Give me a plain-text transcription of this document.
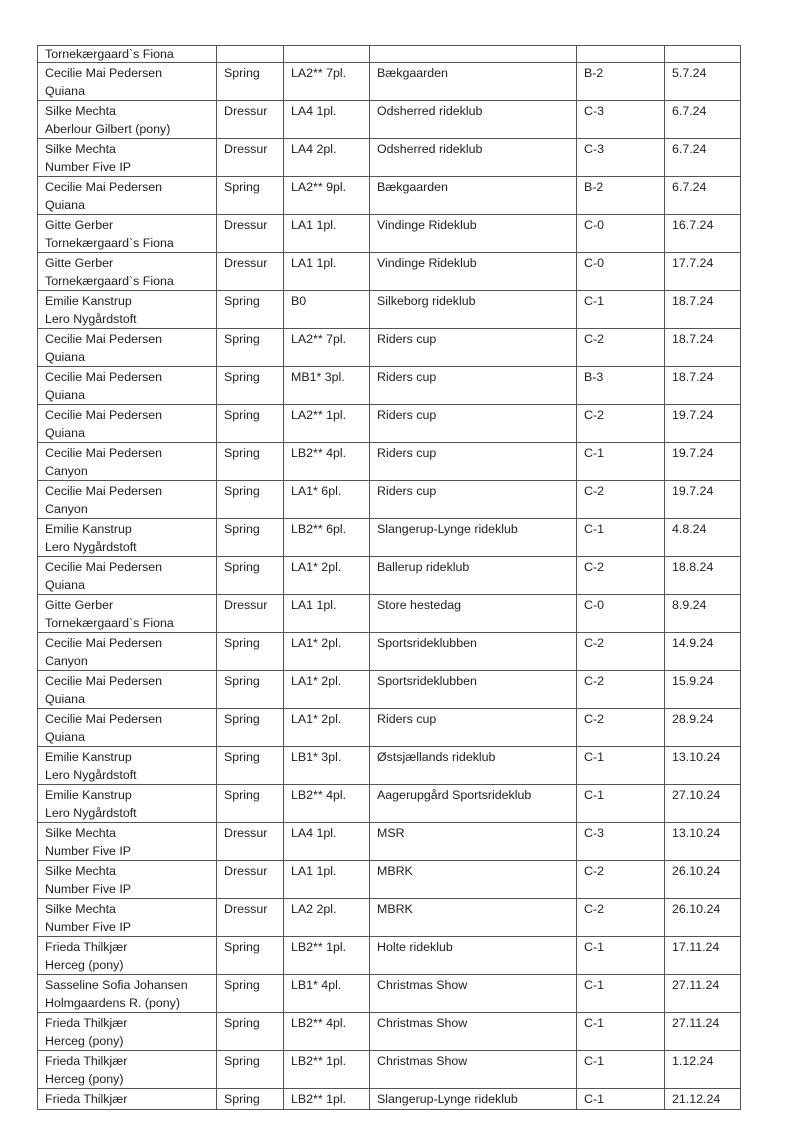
Tornekærgaard`s Fiona					

Cecilie Mai Pedersen
Quiana	Spring	LA2** 7pl.	Bækgaarden	B-2	5.7.24

Silke Mechta
Aberlour Gilbert (pony)	Dressur	LA4 1pl.	Odsherred rideklub	C-3	6.7.24

Silke Mechta
Number Five IP	Dressur	LA4 2pl.	Odsherred rideklub	C-3	6.7.24

Cecilie Mai Pedersen
Quiana	Spring	LA2** 9pl.	Bækgaarden	B-2	6.7.24

Gitte Gerber
Tornekærgaard`s Fiona	Dressur	LA1 1pl.	Vindinge Rideklub	C-0	16.7.24

Gitte Gerber
Tornekærgaard`s Fiona	Dressur	LA1 1pl.	Vindinge Rideklub	C-0	17.7.24

Emilie Kanstrup
Lero Nygårdstoft	Spring	B0	Silkeborg rideklub	C-1	18.7.24

Cecilie Mai Pedersen
Quiana	Spring	LA2** 7pl.	Riders cup	C-2	18.7.24

Cecilie Mai Pedersen
Quiana	Spring	MB1* 3pl.	Riders cup	B-3	18.7.24

Cecilie Mai Pedersen
Quiana	Spring	LA2** 1pl.	Riders cup	C-2	19.7.24

Cecilie Mai Pedersen
Canyon	Spring	LB2** 4pl.	Riders cup	C-1	19.7.24

Cecilie Mai Pedersen
Canyon	Spring	LA1* 6pl.	Riders cup	C-2	19.7.24

Emilie Kanstrup
Lero Nygårdstoft	Spring	LB2** 6pl.	Slangerup-Lynge rideklub	C-1	4.8.24

Cecilie Mai Pedersen
Quiana	Spring	LA1* 2pl.	Ballerup rideklub	C-2	18.8.24

Gitte Gerber
Tornekærgaard`s Fiona	Dressur	LA1 1pl.	Store hestedag	C-0	8.9.24

Cecilie Mai Pedersen
Canyon	Spring	LA1* 2pl.	Sportsrideklubben	C-2	14.9.24

Cecilie Mai Pedersen
Quiana	Spring	LA1* 2pl.	Sportsrideklubben	C-2	15.9.24

Cecilie Mai Pedersen
Quiana	Spring	LA1* 2pl.	Riders cup	C-2	28.9.24

Emilie Kanstrup
Lero Nygårdstoft	Spring	LB1* 3pl.	Østsjællands rideklub	C-1	13.10.24

Emilie Kanstrup
Lero Nygårdstoft	Spring	LB2** 4pl.	Aagerupgård Sportsrideklub	C-1	27.10.24

Silke Mechta
Number Five IP	Dressur	LA4 1pl.	MSR	C-3	13.10.24

Silke Mechta
Number Five IP	Dressur	LA1 1pl.	MBRK	C-2	26.10.24

Silke Mechta
Number Five IP	Dressur	LA2 2pl.	MBRK	C-2	26.10.24

Frieda Thilkjær
Herceg (pony)	Spring	LB2** 1pl.	Holte rideklub	C-1	17.11.24

Sasseline Sofia Johansen
Holmgaardens R. (pony)	Spring	LB1* 4pl.	Christmas Show	C-1	27.11.24

Frieda Thilkjær
Herceg (pony)	Spring	LB2** 4pl.	Christmas Show	C-1	27.11.24

Frieda Thilkjær
Herceg (pony)	Spring	LB2** 1pl.	Christmas Show	C-1	1.12.24

Frieda Thilkjær	Spring	LB2** 1pl.	Slangerup-Lynge rideklub	C-1	21.12.24
